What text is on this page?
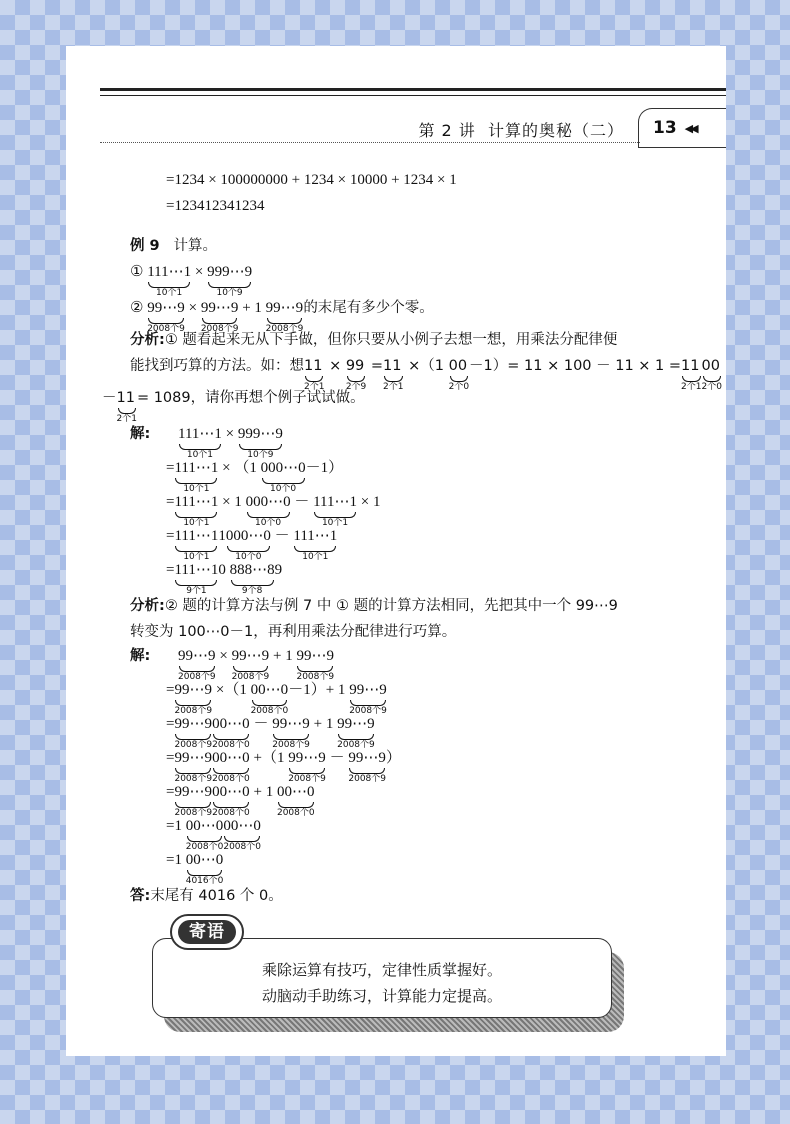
第 2 讲 计算的奥秘（二） 13 ◀◀
=1234 × 100000000 + 1234 × 10000 + 1234 × 1
=123412341234
例 9 计算。
① 111⋯1
10个1
× 999⋯9
10个9
② 99⋯9
2008个9
× 99⋯9
2008个9
+ 1 99⋯9
2008个9
的末尾有多少个零。
分析:① 题看起来无从下手做，但你只要从小例子去想一想，用乘法分配律便
能找到巧算的方法。如：想 11
2个1
× 99
2个9
= 11
2个1
×（1 00
2个0
－1）= 11 × 100 － 11 × 1 = 11
2个1
00
2个0
－ 11
2个1
= 1089，请你再想个例子试试做。
解: 111⋯1
10个1
× 999⋯9
10个9
= 111⋯1
10个1
× （1 000⋯0
10个0
－1）
= 111⋯1
10个1
× 1 000⋯0
10个0
－ 111⋯1
10个1
× 1
= 111⋯1
10个1
1 000⋯0
10个0
－ 111⋯1
10个1
= 111⋯1
9个1
0 888⋯8
9个8
9
分析:② 题的计算方法与例 7 中 ① 题的计算方法相同，先把其中一个 99⋯9
转变为 100⋯0－1，再利用乘法分配律进行巧算。
解: 99⋯9
2008个9
× 99⋯9
2008个9
+ 1 99⋯9
2008个9
= 99⋯9
2008个9
×（1 00⋯0
2008个0
－1）+ 1 99⋯9
2008个9
= 99⋯9
2008个9
00⋯0
2008个0
－ 99⋯9
2008个9
+ 1 99⋯9
2008个9
= 99⋯9
2008个9
00⋯0
2008个0
+（1 99⋯9
2008个9
－ 99⋯9
2008个9
）
= 99⋯9
2008个9
00⋯0
2008个0
+ 1 00⋯0
2008个0
=1 00⋯0
2008个0
00⋯0
2008个0
=1 00⋯0
4016个0
答:末尾有 4016 个 0。
乘除运算有技巧，定律性质掌握好。
动脑动手助练习，计算能力定提高。
寄语
